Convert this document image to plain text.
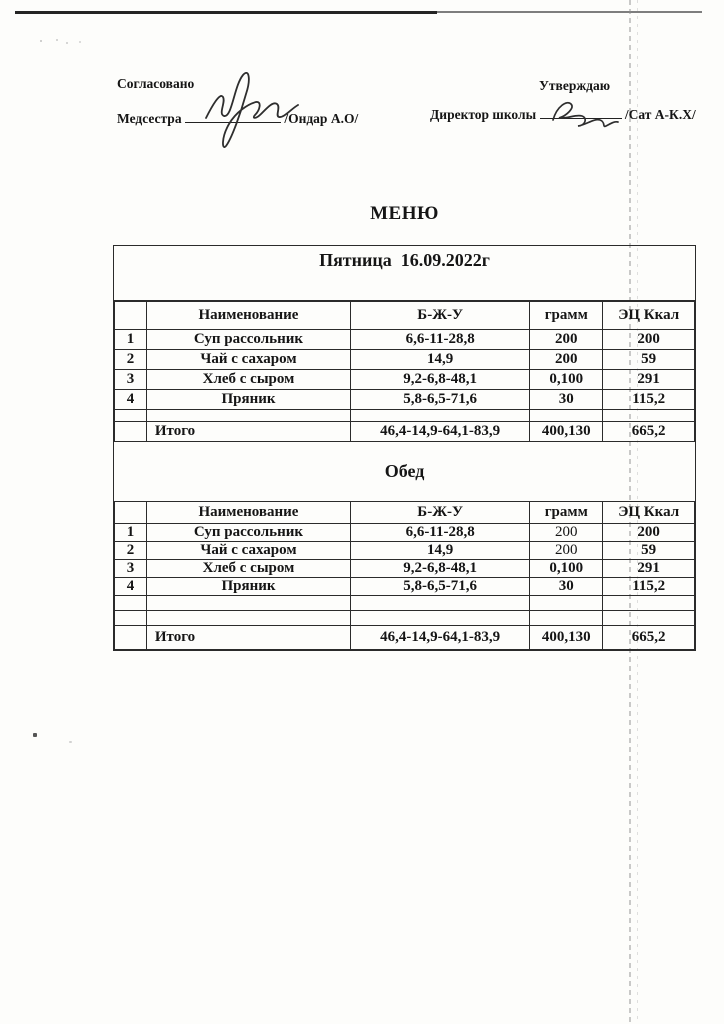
Согласовано
Медсестра	/Ондар А.О/
Утверждаю
Директор школы	/Сат А-К.Х/
МЕНЮ
Пятница  16.09.2022г
	Наименование	Б-Ж-У	грамм	ЭЦ Ккал
1	Суп рассольник	6,6-11-28,8	200	200
2	Чай с сахаром	14,9	200	59
3	Хлеб с сыром	9,2-6,8-48,1	0,100	291
4	Пряник	5,8-6,5-71,6	30	115,2

	Итого	46,4-14,9-64,1-83,9	400,130	665,2
Обед
	Наименование	Б-Ж-У	грамм	ЭЦ Ккал
1	Суп рассольник	6,6-11-28,8	200	200
2	Чай с сахаром	14,9	200	59
3	Хлеб с сыром	9,2-6,8-48,1	0,100	291
4	Пряник	5,8-6,5-71,6	30	115,2

	Итого	46,4-14,9-64,1-83,9	400,130	665,2
